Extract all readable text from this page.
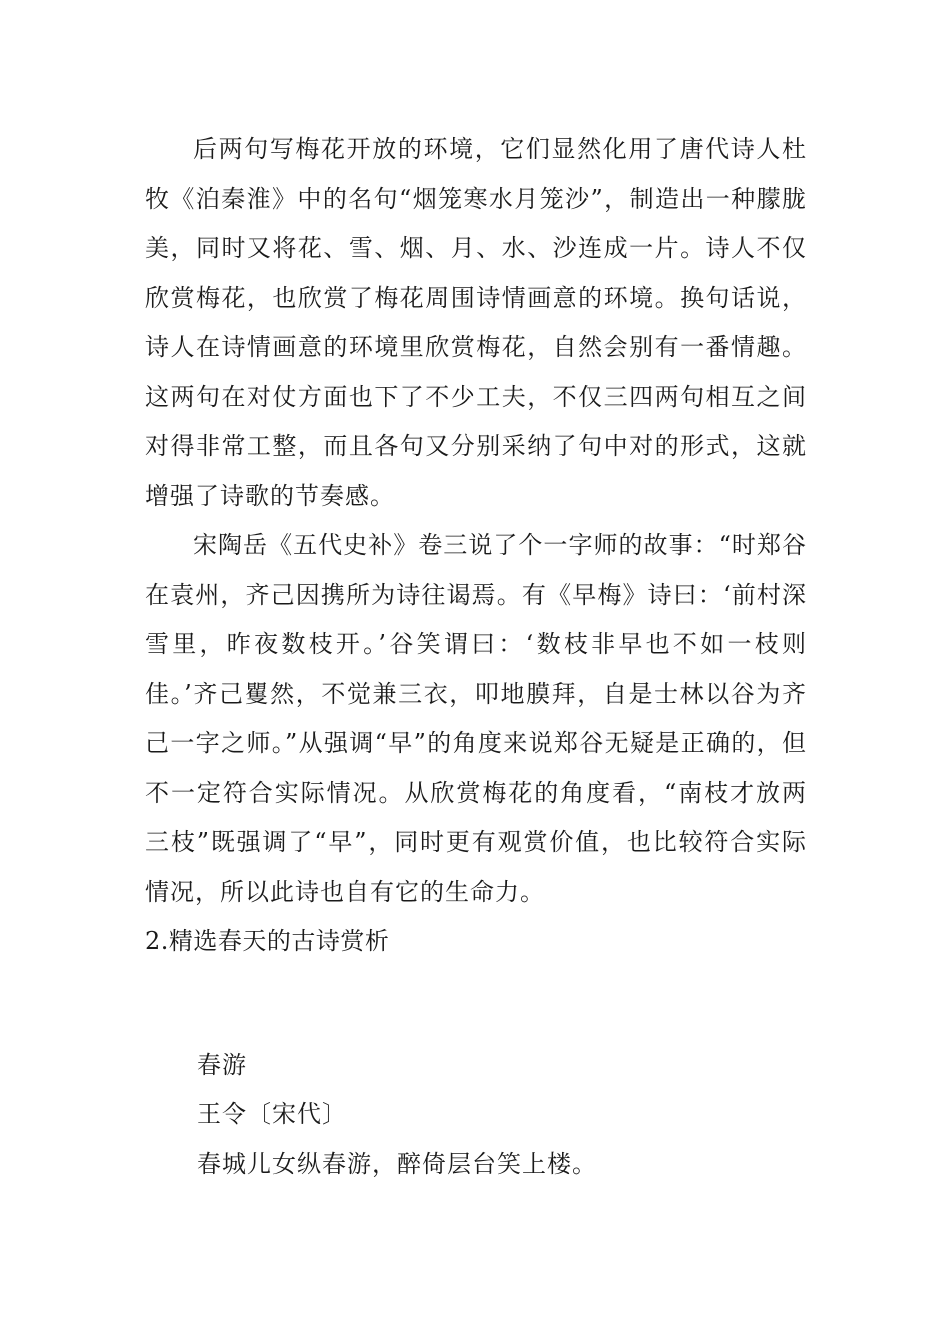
后两句写梅花开放的环境，它们显然化用了唐代诗人杜牧《泊秦淮》中的名句“烟笼寒水月笼沙”，制造出一种朦胧美，同时又将花、雪、烟、月、水、沙连成一片。诗人不仅欣赏梅花，也欣赏了梅花周围诗情画意的环境。换句话说，诗人在诗情画意的环境里欣赏梅花，自然会别有一番情趣。这两句在对仗方面也下了不少工夫，不仅三四两句相互之间对得非常工整，而且各句又分别采纳了句中对的形式，这就增强了诗歌的节奏感。

宋陶岳《五代史补》卷三说了个一字师的故事：“时郑谷在袁州，齐己因携所为诗往谒焉。有《早梅》诗曰：‘前村深雪里，昨夜数枝开。’谷笑谓曰：‘数枝非早也不如一枝则佳。’齐己矍然，不觉兼三衣，叩地膜拜，自是士林以谷为齐己一字之师。”从强调“早”的角度来说郑谷无疑是正确的，但不一定符合实际情况。从欣赏梅花的角度看，“南枝才放两三枝”既强调了“早”，同时更有观赏价值，也比较符合实际情况，所以此诗也自有它的生命力。

2.精选春天的古诗赏析

春游

王令〔宋代〕

春城儿女纵春游，醉倚层台笑上楼。
